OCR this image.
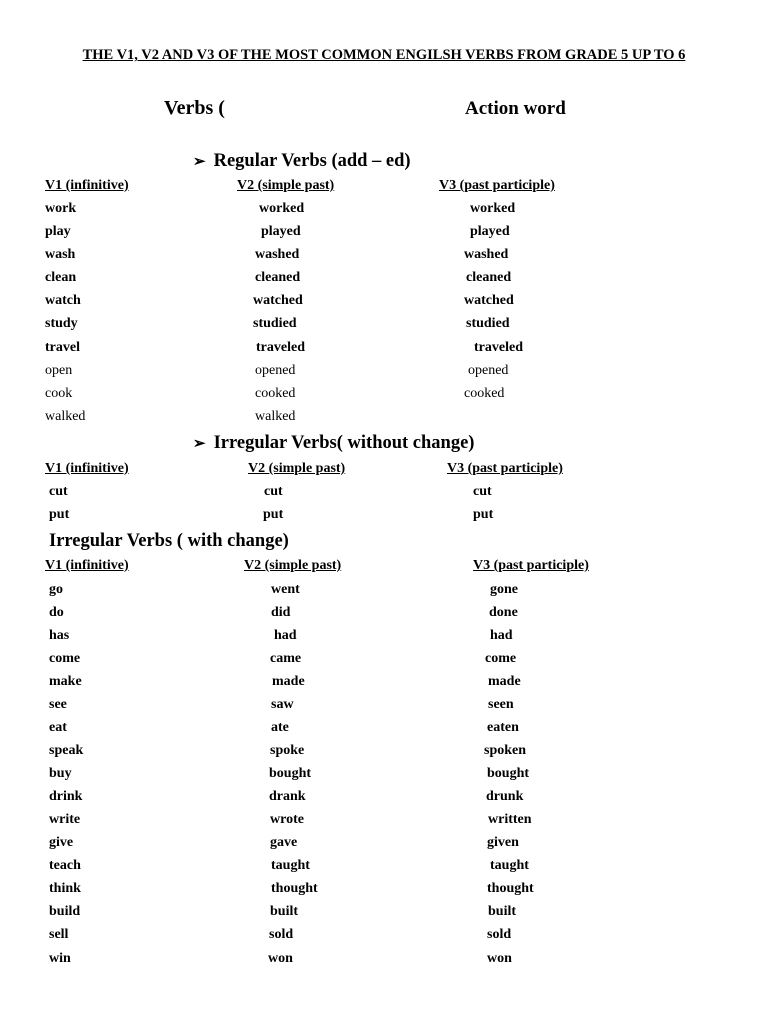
THE V1, V2 AND V3 OF THE MOST COMMON ENGILSH VERBS FROM GRADE 5 UP TO 6
Verbs (	Action word
➢ Regular Verbs (add – ed)
V1 (infinitive)	V2 (simple past)	V3 (past participle)
work	worked	worked
play	played	played
wash	washed	washed
clean	cleaned	cleaned
watch	watched	watched
study	studied	studied
travel	traveled	traveled
open	opened	opened
cook	cooked	cooked
walked	walked
➢ Irregular Verbs( without change)
V1 (infinitive)	V2 (simple past)	V3 (past participle)
cut	cut	cut
put	put	put
Irregular Verbs ( with change)
V1 (infinitive)	V2 (simple past)	V3 (past participle)
go	went	gone
do	did	done
has	had	had
come	came	come
make	made	made
see	saw	seen
eat	ate	eaten
speak	spoke	spoken
buy	bought	bought
drink	drank	drunk
write	wrote	written
give	gave	given
teach	taught	taught
think	thought	thought
build	built	built
sell	sold	sold
win	won	won
